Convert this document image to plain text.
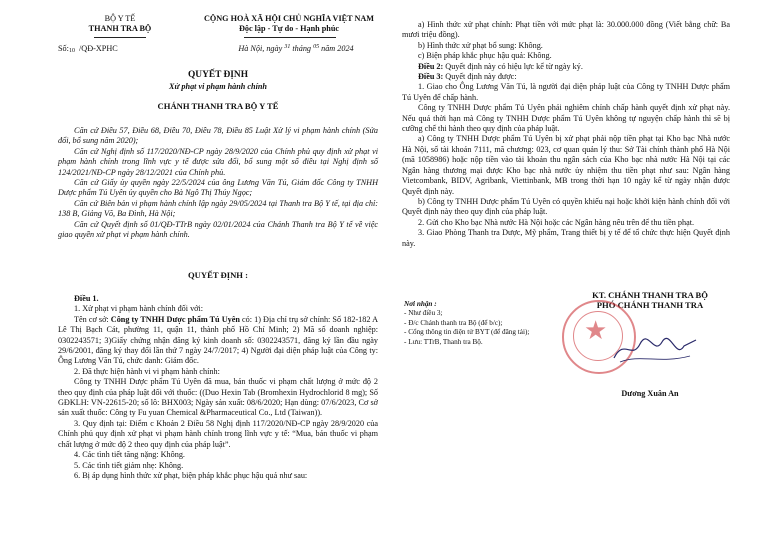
BỘ Y TẾ
THANH TRA BỘ
Số:10 /QĐ-XPHC
CỘNG HOÀ XÃ HỘI CHỦ NGHĨA VIỆT NAM
Độc lập - Tự do - Hạnh phúc
Hà Nội, ngày $^{31}$ tháng $^{05}$ năm 2024
QUYẾT ĐỊNH
Xử phạt vi phạm hành chính
CHÁNH THANH TRA BỘ Y TẾ
Căn cứ Điều 57, Điều 68, Điều 70, Điều 78, Điều 85 Luật Xử lý vi phạm hành chính (Sửa đổi, bổ sung năm 2020);
Căn cứ Nghị định số 117/2020/NĐ-CP ngày 28/9/2020 của Chính phủ quy định xử phạt vi phạm hành chính trong lĩnh vực y tế được sửa đổi, bổ sung một số điều tại Nghị định số 124/2021/NĐ-CP ngày 28/12/2021 của Chính phủ.
Căn cứ Giấy ủy quyền ngày 22/5/2024 của ông Lương Văn Tú, Giám đốc Công ty TNHH Dược phẩm Tú Uyên ủy quyền cho Bà Ngô Thị Thúy Ngọc;
Căn cứ Biên bản vi phạm hành chính lập ngày 29/05/2024 tại Thanh tra Bộ Y tế, tại địa chỉ: 138 B, Giảng Võ, Ba Đình, Hà Nội;
Căn cứ Quyết định số 01/QĐ-TTrB ngày 02/01/2024 của Chánh Thanh tra Bộ Y tế về việc giao quyền xử phạt vi phạm hành chính.
QUYẾT ĐỊNH :
Điều 1.
1. Xử phạt vi phạm hành chính đối với:
Tên cơ sở: Công ty TNHH Dược phẩm Tú Uyên có: 1) Địa chỉ trụ sở chính: Số 182-182 A Lê Thị Bạch Cát, phường 11, quận 11, thành phố Hồ Chí Minh; 2) Mã số doanh nghiệp: 0302243571; 3)Giấy chứng nhận đăng ký kinh doanh số: 0302243571, đăng ký lần đầu ngày 29/6/2001, đăng ký thay đổi lần thứ 7 ngày 24/7/2017; 4) Người đại diện pháp luật của Công ty: Ông Lương Văn Tú, chức danh: Giám đốc.
2. Đã thực hiện hành vi vi phạm hành chính:
Công ty TNHH Dược phẩm Tú Uyên đã mua, bán thuốc vi phạm chất lượng ở mức độ 2 theo quy định của pháp luật đối với thuốc: ((Duo Hexin Tab (Bromhexin Hydrochlorid 8 mg); Số GĐKLH: VN-22615-20; số lô: BHX003; Ngày sản xuất: 08/6/2020; Hạn dùng: 07/6/2023, Cơ sở sản xuất thuốc: Công ty Fu yuan Chemical &Pharmaceutical Co., Ltd (Taiwan)).
3. Quy định tại: Điểm c Khoản 2 Điều 58 Nghị định 117/2020/NĐ-CP ngày 28/9/2020 của Chính phủ quy định xử phạt vi phạm hành chính trong lĩnh vực y tế: “Mua, bán thuốc vi phạm chất lượng ở mức độ 2 theo quy định của pháp luật”.
4. Các tình tiết tăng nặng: Không.
5. Các tình tiết giảm nhẹ: Không.
6. Bị áp dụng hình thức xử phạt, biện pháp khắc phục hậu quả như sau:
a) Hình thức xử phạt chính: Phạt tiền với mức phạt là: 30.000.000 đồng (Viết bằng chữ: Ba mươi triệu đồng).
b) Hình thức xử phạt bổ sung: Không.
c) Biện pháp khắc phục hậu quả: Không.
Điều 2: Quyết định này có hiệu lực kể từ ngày ký.
Điều 3: Quyết định này được:
1. Giao cho Ông Lương Văn Tú, là người đại diện pháp luật của Công ty TNHH Dược phẩm Tú Uyên để chấp hành.
Công ty TNHH Dược phẩm Tú Uyên phải nghiêm chỉnh chấp hành quyết định xử phạt này. Nếu quá thời hạn mà Công ty TNHH Dược phẩm Tú Uyên không tự nguyện chấp hành thì sẽ bị cưỡng chế thi hành theo quy định của pháp luật.
a) Công ty TNHH Dược phẩm Tú Uyên bị xử phạt phải nộp tiền phạt tại Kho bạc Nhà nước Hà Nội, số tài khoản 7111, mã chương: 023, cơ quan quản lý thu: Sở Tài chính thành phố Hà Nội (mã 1058986) hoặc nộp tiền vào tài khoản thu ngân sách của Kho bạc nhà nước Hà Nội tại các Ngân hàng thương mại được Kho bạc nhà nước ủy nhiệm thu tiền phạt như sau: Ngân hàng Vietcombank, BIDV, Agribank, Viettinbank, MB trong thời hạn 10 ngày kể từ ngày nhận được Quyết định này.
b) Công ty TNHH Dược phẩm Tú Uyên có quyền khiếu nại hoặc khởi kiện hành chính đối với Quyết định này theo quy định của pháp luật.
2. Gửi cho Kho bạc Nhà nước Hà Nội hoặc các Ngân hàng nêu trên để thu tiền phạt.
3. Giao Phòng Thanh tra Dược, Mỹ phẩm, Trang thiết bị y tế để tổ chức thực hiện Quyết định này.
Nơi nhận :
- Như điều 3;
- Đ/c Chánh thanh tra Bộ (để b/c);
- Cổng thông tin điện tử BYT (để đăng tải);
- Lưu: TTrB, Thanh tra Bộ.
KT. CHÁNH THANH TRA BỘ
PHÓ CHÁNH THANH TRA
Dương Xuân An
★
